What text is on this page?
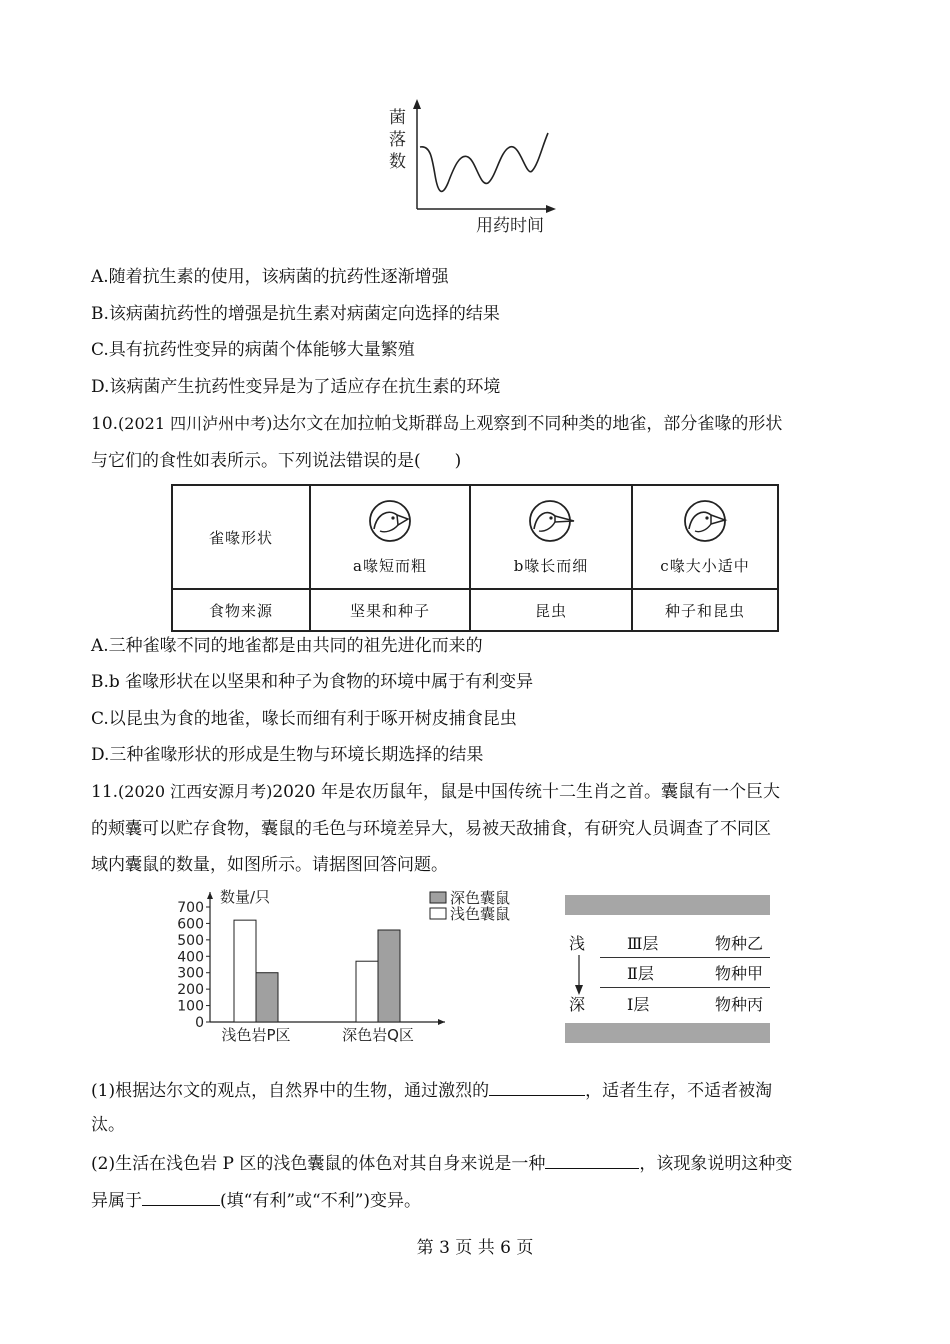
菌
落
数
用药时间
A.随着抗生素的使用，该病菌的抗药性逐渐增强
B.该病菌抗药性的增强是抗生素对病菌定向选择的结果
C.具有抗药性变异的病菌个体能够大量繁殖
D.该病菌产生抗药性变异是为了适应存在抗生素的环境
10.(2021 四川泸州中考)达尔文在加拉帕戈斯群岛上观察到不同种类的地雀，部分雀喙的形状
与它们的食性如表所示。下列说法错误的是(　　)
雀喙形状	a喙短而粗	b喙长而细	c喙大小适中
食物来源	坚果和种子	昆虫	种子和昆虫
A.三种雀喙不同的地雀都是由共同的祖先进化而来的
B.b 雀喙形状在以坚果和种子为食物的环境中属于有利变异
C.以昆虫为食的地雀，喙长而细有利于啄开树皮捕食昆虫
D.三种雀喙形状的形成是生物与环境长期选择的结果
11.(2020 江西安源月考)2020 年是农历鼠年，鼠是中国传统十二生肖之首。囊鼠有一个巨大
的颊囊可以贮存食物，囊鼠的毛色与环境差异大，易被天敌捕食，有研究人员调查了不同区
域内囊鼠的数量，如图所示。请据图回答问题。
0
100
200
300
400
500
600
700
数量/只
浅色岩P区	深色岩Q区
深色囊鼠
浅色囊鼠
浅
深
Ⅲ层	物种乙
Ⅱ层	物种甲
Ⅰ层	物种丙
(1)根据达尔文的观点，自然界中的生物，通过激烈的	，适者生存，不适者被淘
汰。
(2)生活在浅色岩 P 区的浅色囊鼠的体色对其自身来说是一种	，该现象说明这种变
异属于	(填“有利”或“不利”)变异。
第 3 页 共 6 页
